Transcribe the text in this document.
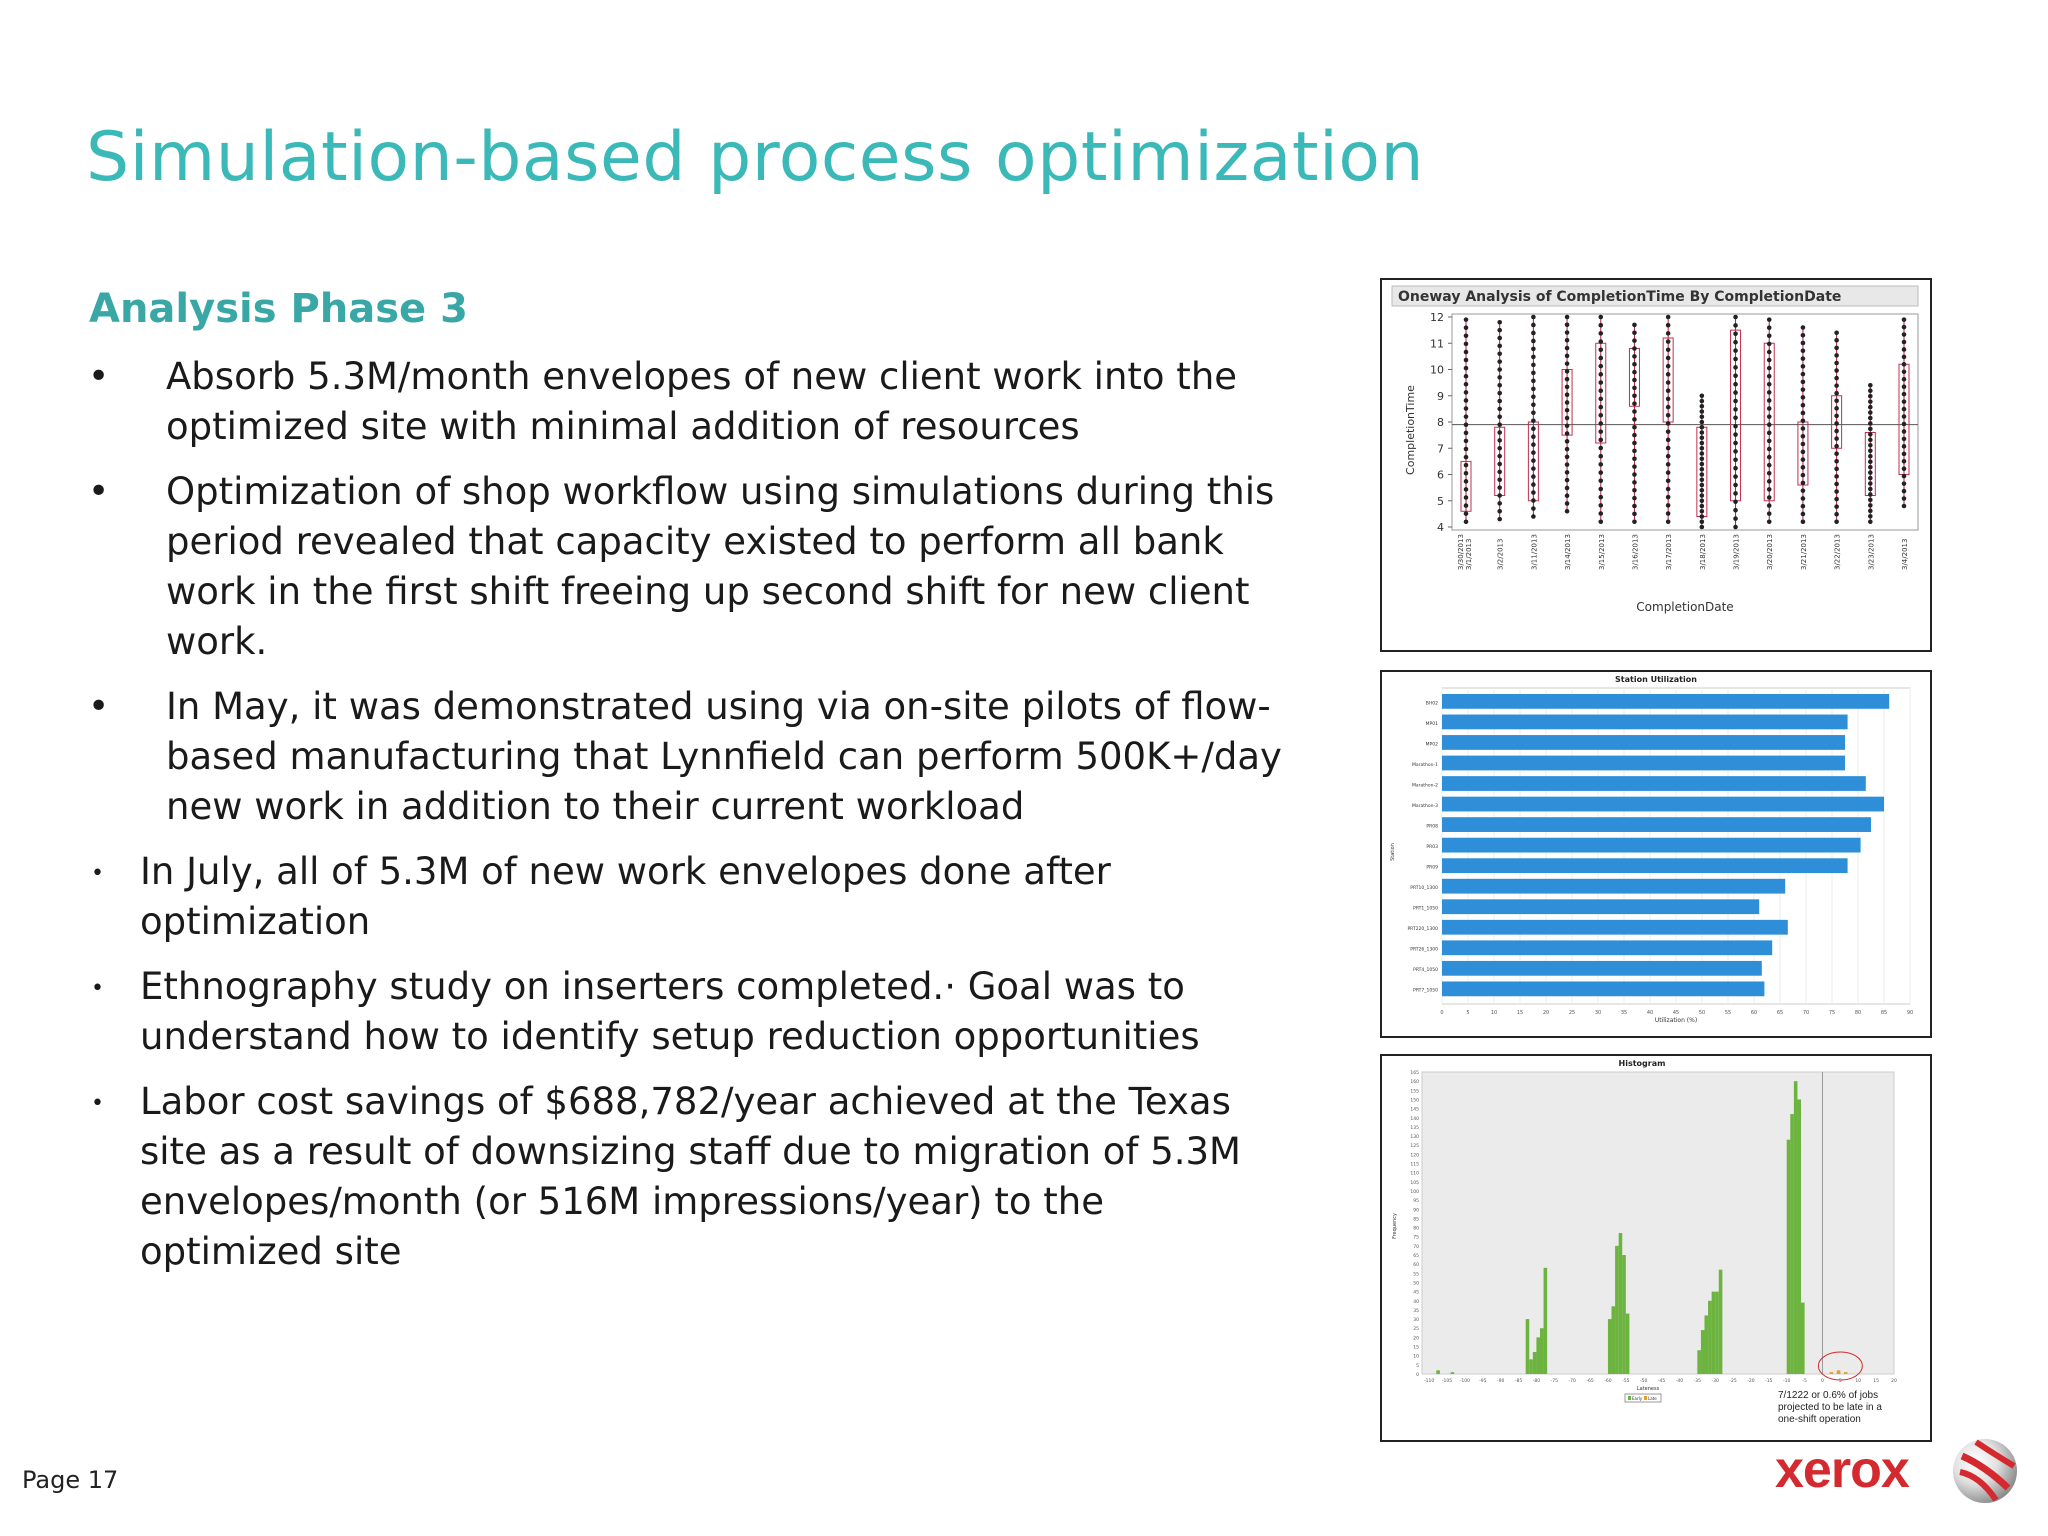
Simulation-based process optimization
Analysis Phase 3
• Absorb 5.3M/month envelopes of new client work into the optimized site with minimal addition of resources
• Optimization of shop workflow using simulations during this period revealed that capacity existed to perform all bank work in the first shift freeing up second shift for new client work.
• In May, it was demonstrated using via on-site pilots of flow-based manufacturing that Lynnfield can perform 500K+/day new work in addition to their current workload
• In July, all of 5.3M of new work envelopes done after optimization
• Ethnography study on inserters completed.· Goal was to understand how to identify setup reduction opportunities
• Labor cost savings of $688,782/year achieved at the Texas site as a result of downsizing staff due to migration of 5.3M envelopes/month (or 516M impressions/year) to the optimized site
Oneway Analysis of CompletionTime By CompletionDate
4
5
6
7
8
9
10
11
12
CompletionTime
3/30/2013 3/1/2013	3/2/2013	3/11/2013	3/14/2013	3/15/2013	3/16/2013	3/17/2013	3/18/2013	3/19/2013	3/20/2013	3/21/2013	3/22/2013	3/23/2013	3/4/2013
CompletionDate
Station Utilization
0	5	10	15	20	25	30	35	40	45	50	55	60	65	70	75	80	85	90
BH02
MP01
MP02
Marathon-1
Marathon-2
Marathon-3
PR08
PR03
PR09
PRT10_1300
PRT1_1050
PRT220_1300
PRT26_1300
PRT4_1050
PRT7_1050
Utilization (%)
Station
Histogram
0
5
10
15
20
25
30
35
40
45
50
55
60
65
70
75
80
85
90
95
100
105
110
115
120
125
130
135
140
145
150
155
160
165
-110 -105 -100 -95 -90 -85 -80 -75 -70 -65 -60 -55 -50 -45 -40 -35 -30 -25 -20 -15 -10	-5	0	5	10	15	20
Lateness
Frequency
Early Late	7/1222 or 0.6% of jobs projected to be late in a one-shift operation
Page 17	xerox
